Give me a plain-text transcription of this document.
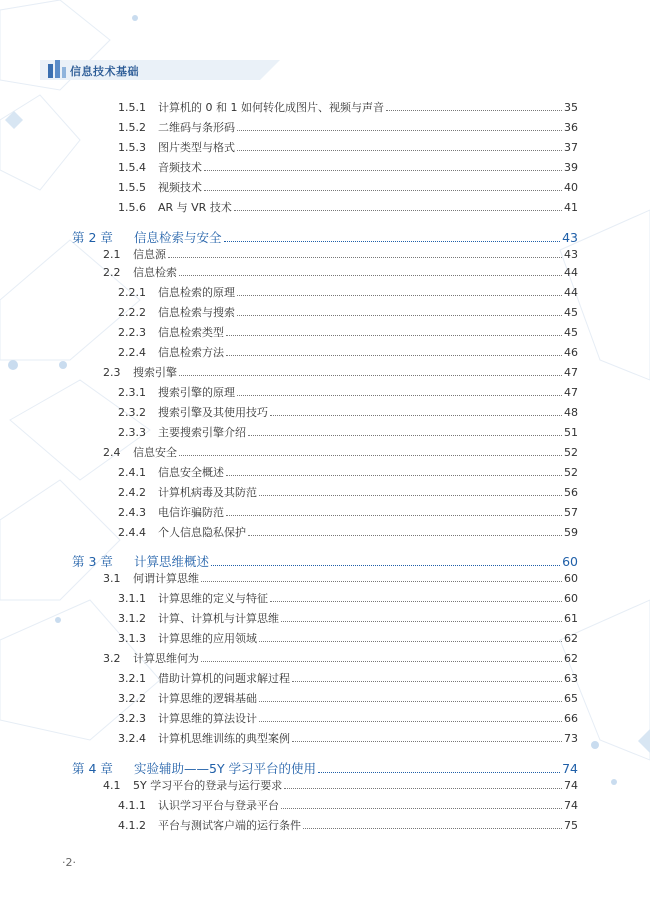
信息技术基础
1.5.1 计算机的 0 和 1 如何转化成图片、视频与声音	35
1.5.2 二维码与条形码	36
1.5.3 图片类型与格式	37
1.5.4 音频技术	39
1.5.5 视频技术	40
1.5.6 AR 与 VR 技术	41
第 2 章	信息检索与安全	43
2.1 信息源	43
2.2 信息检索	44
2.2.1 信息检索的原理	44
2.2.2 信息检索与搜索	45
2.2.3 信息检索类型	45
2.2.4 信息检索方法	46
2.3 搜索引擎	47
2.3.1 搜索引擎的原理	47
2.3.2 搜索引擎及其使用技巧	48
2.3.3 主要搜索引擎介绍	51
2.4 信息安全	52
2.4.1 信息安全概述	52
2.4.2 计算机病毒及其防范	56
2.4.3 电信诈骗防范	57
2.4.4 个人信息隐私保护	59
第 3 章	计算思维概述	60
3.1 何谓计算思维	60
3.1.1 计算思维的定义与特征	60
3.1.2 计算、计算机与计算思维	61
3.1.3 计算思维的应用领域	62
3.2 计算思维何为	62
3.2.1 借助计算机的问题求解过程	63
3.2.2 计算思维的逻辑基础	65
3.2.3 计算思维的算法设计	66
3.2.4 计算机思维训练的典型案例	73
第 4 章	实验辅助——5Y 学习平台的使用	74
4.1 5Y 学习平台的登录与运行要求	74
4.1.1 认识学习平台与登录平台	74
4.1.2 平台与测试客户端的运行条件	75
·2·
